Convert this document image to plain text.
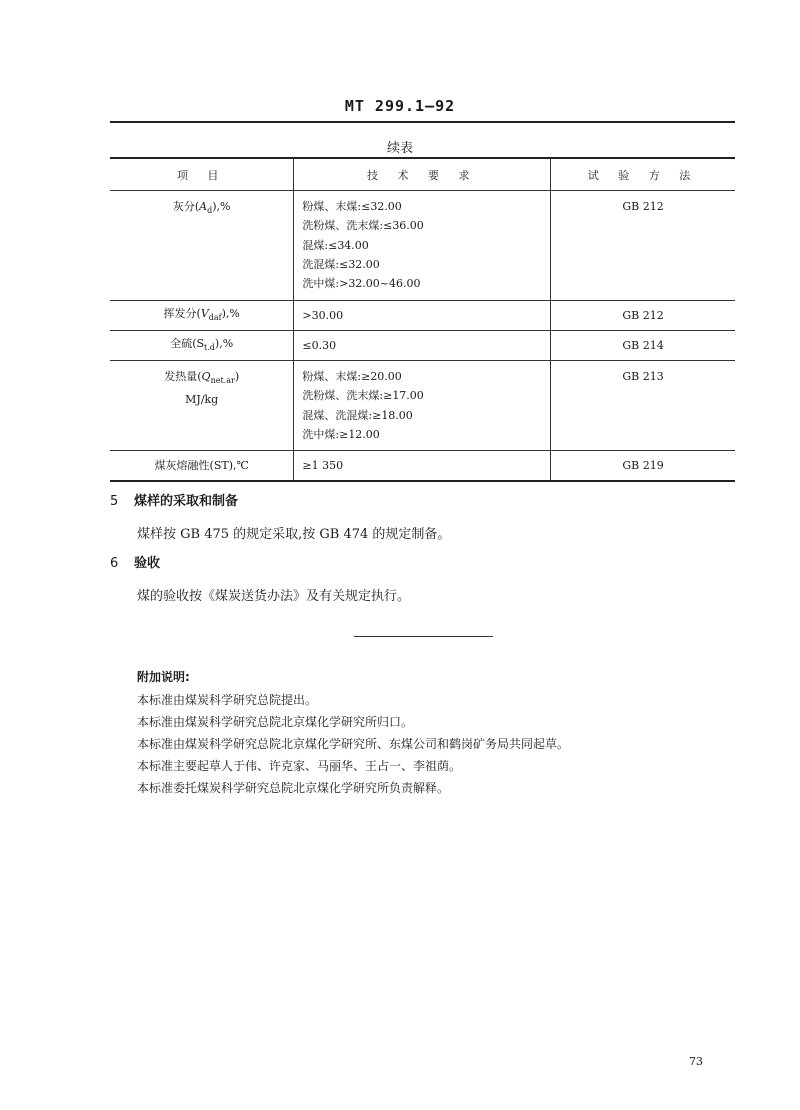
MT 299.1—92
续表
项 目	技 术 要 求	试 验 方 法
灰分$(A_d),\%$	粉煤、末煤:≤32.00
洗粉煤、洗末煤:≤36.00
混煤:≤34.00
洗混煤:≤32.00
洗中煤:>32.00~46.00	GB 212
挥发分$(V_{daf}),\%$	>30.00	GB 212
全硫$(S_{t.d}),\%$	≤0.30	GB 214
发热量$(Q_{net.ar})$
MJ/kg	粉煤、末煤:≥20.00
洗粉煤、洗末煤:≥17.00
混煤、洗混煤:≥18.00
洗中煤:≥12.00	GB 213
煤灰熔融性(ST),℃	≥1 350	GB 219
5 煤样的采取和制备
煤样按 GB 475 的规定采取,按 GB 474 的规定制备。
6 验收
煤的验收按《煤炭送货办法》及有关规定执行。
附加说明:
本标准由煤炭科学研究总院提出。
本标准由煤炭科学研究总院北京煤化学研究所归口。
本标准由煤炭科学研究总院北京煤化学研究所、东煤公司和鹤岗矿务局共同起草。
本标准主要起草人于伟、许克家、马丽华、王占一、李祖荫。
本标准委托煤炭科学研究总院北京煤化学研究所负责解释。
73
